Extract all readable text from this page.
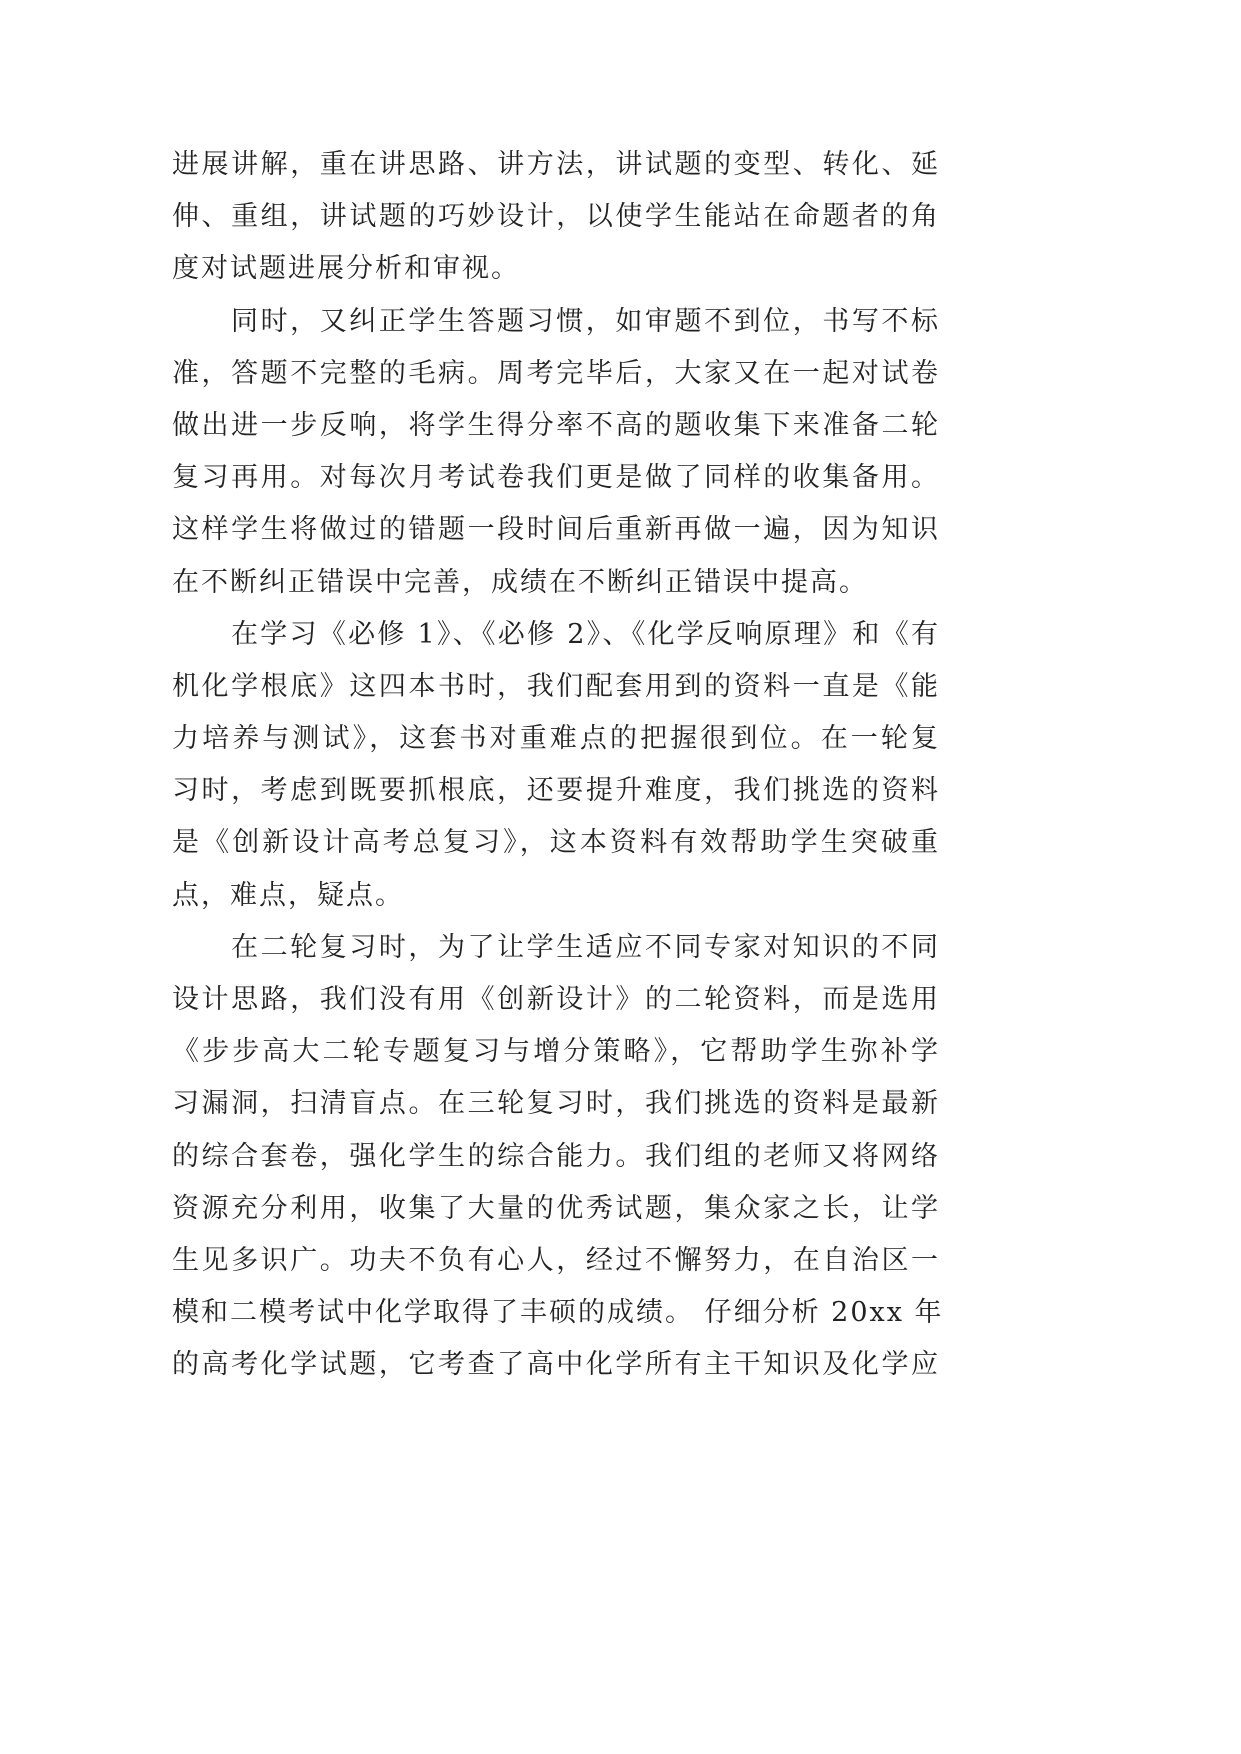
进展讲解，重在讲思路、讲方法，讲试题的变型、转化、延
伸、重组，讲试题的巧妙设计，以使学生能站在命题者的角
度对试题进展分析和审视。
同时，又纠正学生答题习惯，如审题不到位，书写不标
准，答题不完整的毛病。周考完毕后，大家又在一起对试卷
做出进一步反响，将学生得分率不高的题收集下来准备二轮
复习再用。对每次月考试卷我们更是做了同样的收集备用。
这样学生将做过的错题一段时间后重新再做一遍，因为知识
在不断纠正错误中完善，成绩在不断纠正错误中提高。
在学习《必修 1》、《必修 2》、《化学反响原理》和《有
机化学根底》这四本书时，我们配套用到的资料一直是《能
力培养与测试》，这套书对重难点的把握很到位。在一轮复
习时，考虑到既要抓根底，还要提升难度，我们挑选的资料
是《创新设计高考总复习》，这本资料有效帮助学生突破重
点，难点，疑点。
在二轮复习时，为了让学生适应不同专家对知识的不同
设计思路，我们没有用《创新设计》的二轮资料，而是选用
《步步高大二轮专题复习与增分策略》，它帮助学生弥补学
习漏洞，扫清盲点。在三轮复习时，我们挑选的资料是最新
的综合套卷，强化学生的综合能力。我们组的老师又将网络
资源充分利用，收集了大量的优秀试题，集众家之长，让学
生见多识广。功夫不负有心人，经过不懈努力，在自治区一
模和二模考试中化学取得了丰硕的成绩。 仔细分析 20xx 年
的高考化学试题，它考查了高中化学所有主干知识及化学应
